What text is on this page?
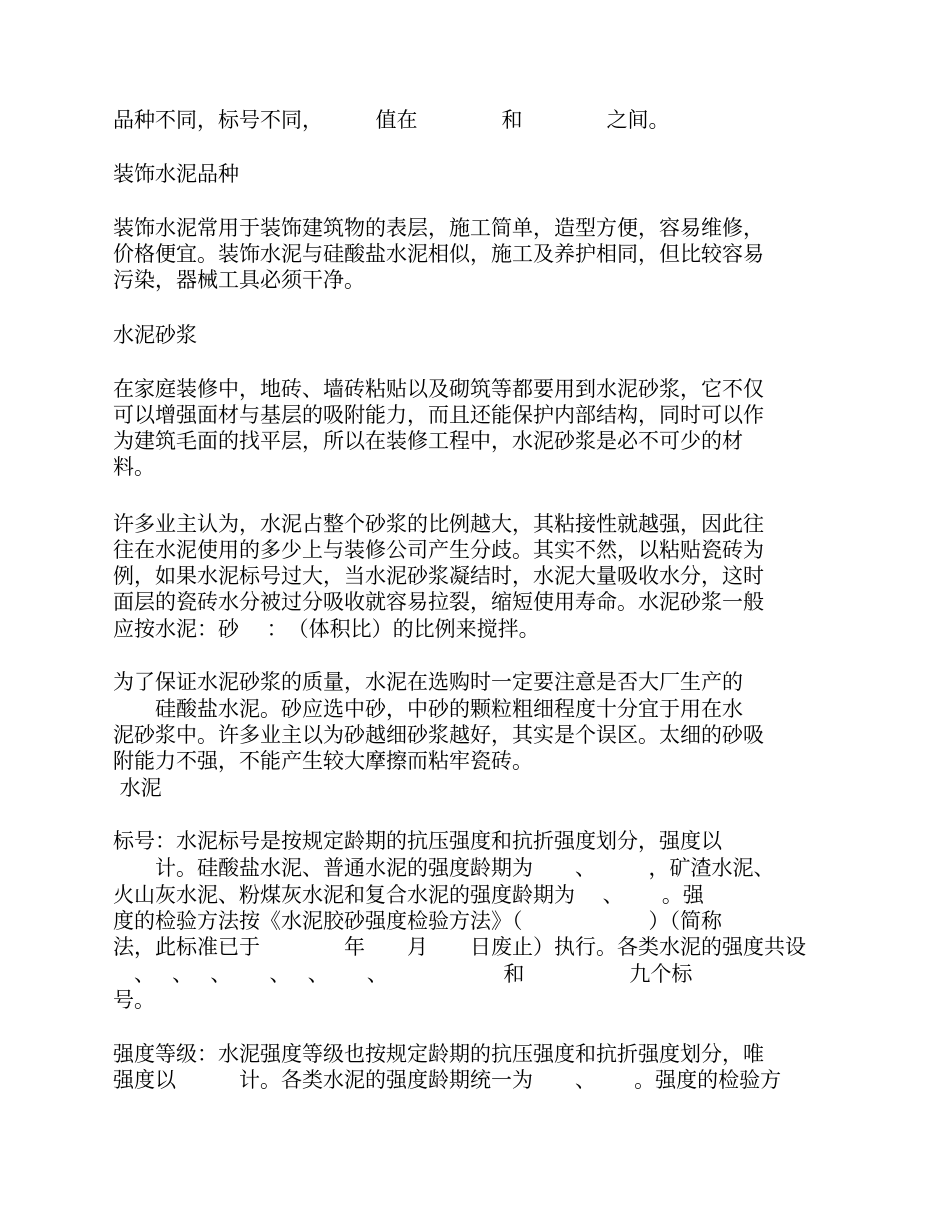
品种不同，标号不同，　　　值在　　　　和　　　　之间。
装饰水泥品种
装饰水泥常用于装饰建筑物的表层，施工简单，造型方便，容易维修，
价格便宜。装饰水泥与硅酸盐水泥相似，施工及养护相同，但比较容易
污染，器械工具必须干净。
水泥砂浆
在家庭装修中，地砖、墙砖粘贴以及砌筑等都要用到水泥砂浆，它不仅
可以增强面材与基层的吸附能力，而且还能保护内部结构，同时可以作
为建筑毛面的找平层，所以在装修工程中，水泥砂浆是必不可少的材
料。
许多业主认为，水泥占整个砂浆的比例越大，其粘接性就越强，因此往
往在水泥使用的多少上与装修公司产生分歧。其实不然，以粘贴瓷砖为
例，如果水泥标号过大，当水泥砂浆凝结时，水泥大量吸收水分，这时
面层的瓷砖水分被过分吸收就容易拉裂，缩短使用寿命。水泥砂浆一般
应按水泥：砂　 ：　（体积比）的比例来搅拌。
为了保证水泥砂浆的质量，水泥在选购时一定要注意是否大厂生产的
　　硅酸盐水泥。砂应选中砂，中砂的颗粒粗细程度十分宜于用在水
泥砂浆中。许多业主以为砂越细砂浆越好，其实是个误区。太细的砂吸
附能力不强，不能产生较大摩擦而粘牢瓷砖。
水泥
标号：水泥标号是按规定龄期的抗压强度和抗折强度划分，强度以
　　计。硅酸盐水泥、普通水泥的强度龄期为　　、　　　，矿渣水泥、
火山灰水泥、粉煤灰水泥和复合水泥的强度龄期为　 、　　 。强
度的检验方法按《水泥胶砂强度检验方法》（　　　　　　）（简称
法，此标准已于　　　　年　　月　　日废止）执行。各类水泥的强度共设
　、　 、　 、　　 、　 、　　 、　　　　　　和　　　　　九个标
号。
强度等级：水泥强度等级也按规定龄期的抗压强度和抗折强度划分，唯
强度以　　　计。各类水泥的强度龄期统一为　　、　　 。强度的检验方
